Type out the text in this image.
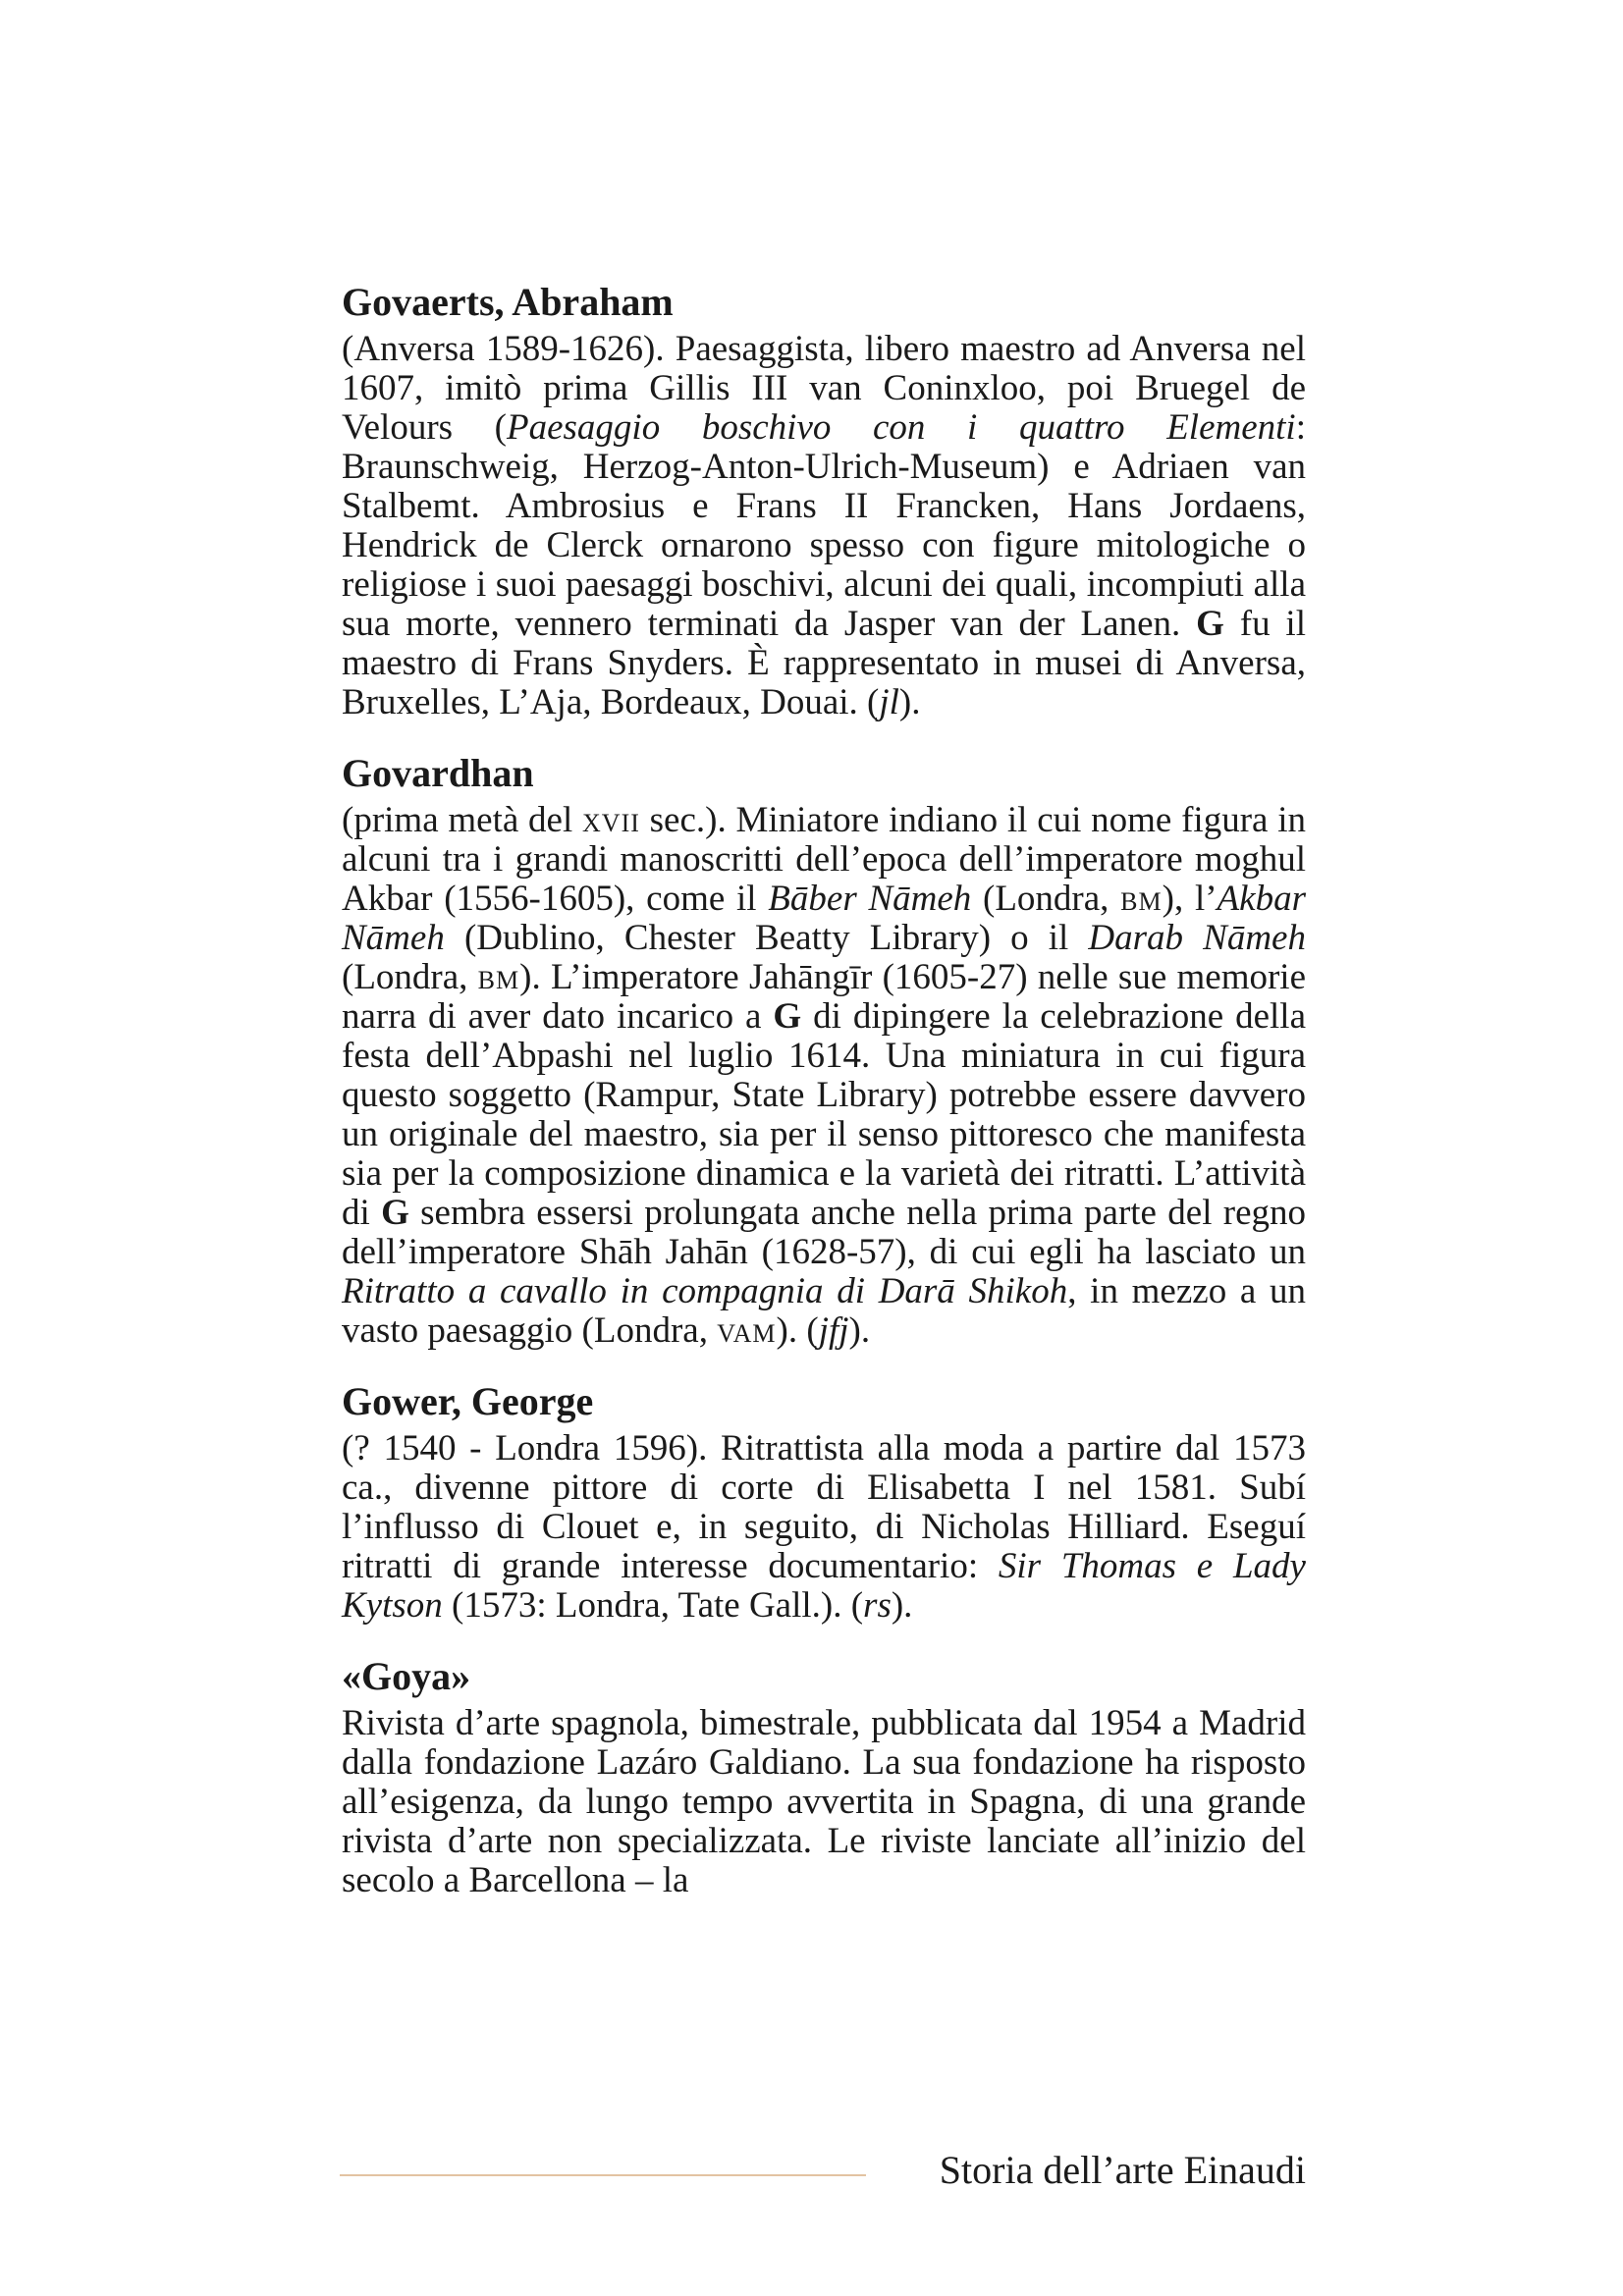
Govaerts, Abraham

(Anversa 1589-1626). Paesaggista, libero maestro ad Anversa nel 1607, imitò prima Gillis III van Coninxloo, poi Bruegel de Velours (Paesaggio boschivo con i quattro Elementi: Braunschweig, Herzog-Anton-Ulrich-Museum) e Adriaen van Stalbemt. Ambrosius e Frans II Francken, Hans Jordaens, Hendrick de Clerck ornarono spesso con figure mitologiche o religiose i suoi paesaggi boschivi, alcuni dei quali, incompiuti alla sua morte, vennero terminati da Jasper van der Lanen. G fu il maestro di Frans Snyders. È rappresentato in musei di Anversa, Bruxelles, L’Aja, Bordeaux, Douai. (jl).

Govardhan

(prima metà del xvii sec.). Miniatore indiano il cui nome figura in alcuni tra i grandi manoscritti dell’epoca dell’imperatore moghul Akbar (1556-1605), come il Bāber Nāmeh (Londra, bm), l’Akbar Nāmeh (Dublino, Chester Beatty Library) o il Darab Nāmeh (Londra, bm). L’imperatore Jahāngīr (1605-27) nelle sue memorie narra di aver dato incarico a G di dipingere la celebrazione della festa dell’Abpashi nel luglio 1614. Una miniatura in cui figura questo soggetto (Rampur, State Library) potrebbe essere davvero un originale del maestro, sia per il senso pittoresco che manifesta sia per la composizione dinamica e la varietà dei ritratti. L’attività di G sembra essersi prolungata anche nella prima parte del regno dell’imperatore Shāh Jahān (1628-57), di cui egli ha lasciato un Ritratto a cavallo in compagnia di Darā Shikoh, in mezzo a un vasto paesaggio (Londra, vam). (jfj).

Gower, George

(? 1540 - Londra 1596). Ritrattista alla moda a partire dal 1573 ca., divenne pittore di corte di Elisabetta I nel 1581. Subí l’influsso di Clouet e, in seguito, di Nicholas Hilliard. Eseguí ritratti di grande interesse documentario: Sir Thomas e Lady Kytson (1573: Londra, Tate Gall.). (rs).

«Goya»

Rivista d’arte spagnola, bimestrale, pubblicata dal 1954 a Madrid dalla fondazione Lazáro Galdiano. La sua fondazione ha risposto all’esigenza, da lungo tempo avvertita in Spagna, di una grande rivista d’arte non specializzata. Le riviste lanciate all’inizio del secolo a Barcellona – la

Storia dell’arte Einaudi
